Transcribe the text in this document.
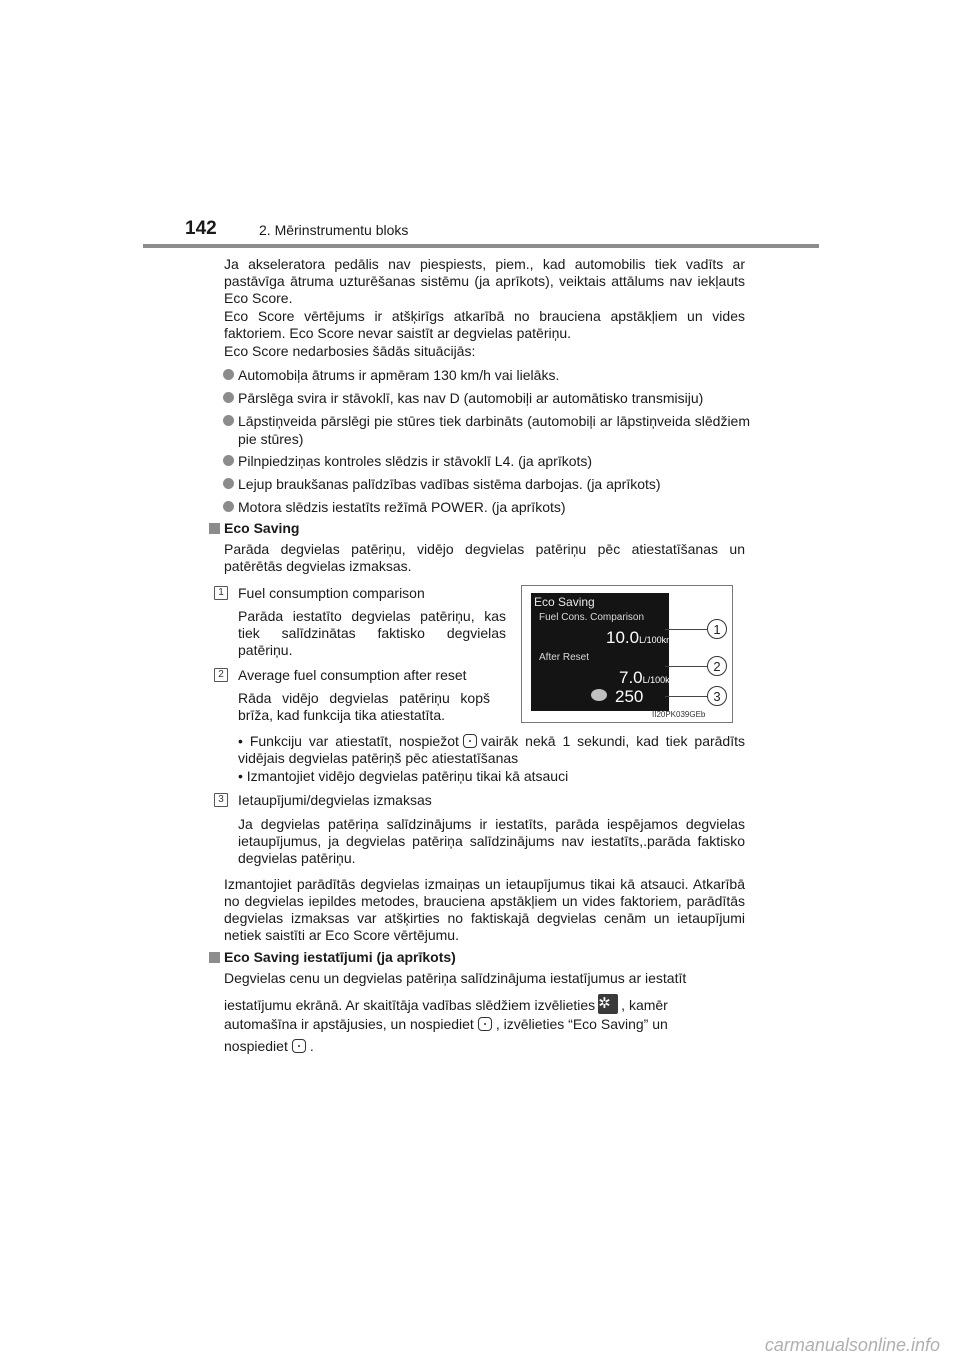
142	2. Mērinstrumentu bloks
Ja akseleratora pedālis nav piespiests, piem., kad automobilis tiek vadīts ar pastāvīga ātruma uzturēšanas sistēmu (ja aprīkots), veiktais attālums nav iekļauts Eco Score.
Eco Score vērtējums ir atšķirīgs atkarībā no brauciena apstākļiem un vides faktoriem. Eco Score nevar saistīt ar degvielas patēriņu.
Eco Score nedarbosies šādās situācijās:
Automobiļa ātrums ir apmēram 130 km/h vai lielāks.
Pārslēga svira ir stāvoklī, kas nav D (automobiļi ar automātisko transmisiju)
Lāpstiņveida pārslēgi pie stūres tiek darbināts (automobiļi ar lāpstiņveida slēdžiem pie stūres)
Pilnpiedziņas kontroles slēdzis ir stāvoklī L4. (ja aprīkots)
Lejup braukšanas palīdzības vadības sistēma darbojas. (ja aprīkots)
Motora slēdzis iestatīts režīmā POWER. (ja aprīkots)
Eco Saving
Parāda degvielas patēriņu, vidējo degvielas patēriņu pēc atiestatīšanas un patērētās degvielas izmaksas.
1	Fuel consumption comparison
Parāda iestatīto degvielas patēriņu, kas tiek salīdzinātas faktisko degvielas patēriņu.
2	Average fuel consumption after reset
Rāda vidējo degvielas patēriņu kopš brīža, kad funkcija tika atiestatīta.
Eco Saving
Fuel Cons. Comparison
10.0L/100km
After Reset
7.0L/100km
250
1
2
3
II20PK039GEb
• Funkciju var atiestatīt, nospiežot vairāk nekā 1 sekundi, kad tiek parādīts vidējais degvielas patēriņš pēc atiestatīšanas
• Izmantojiet vidējo degvielas patēriņu tikai kā atsauci
3	Ietaupījumi/degvielas izmaksas
Ja degvielas patēriņa salīdzinājums ir iestatīts, parāda iespējamos degvielas ietaupījumus, ja degvielas patēriņa salīdzinājums nav iestatīts,.parāda faktisko degvielas patēriņu.
Izmantojiet parādītās degvielas izmaiņas un ietaupījumus tikai kā atsauci. Atkarībā no degvielas iepildes metodes, brauciena apstākļiem un vides faktoriem, parādītās degvielas izmaksas var atšķirties no faktiskajā degvielas cenām un ietaupījumi netiek saistīti ar Eco Score vērtējumu.
Eco Saving iestatījumi (ja aprīkots)
Degvielas cenu un degvielas patēriņa salīdzinājuma iestatījumus ar iestatīt
iestatījumu ekrānā. Ar skaitītāja vadības slēdžiem izvēlieties✲ , kamēr
automašīna ir apstājusies, un nospiediet , izvēlieties “Eco Saving” un
nospiediet .
carmanualsonline.info
